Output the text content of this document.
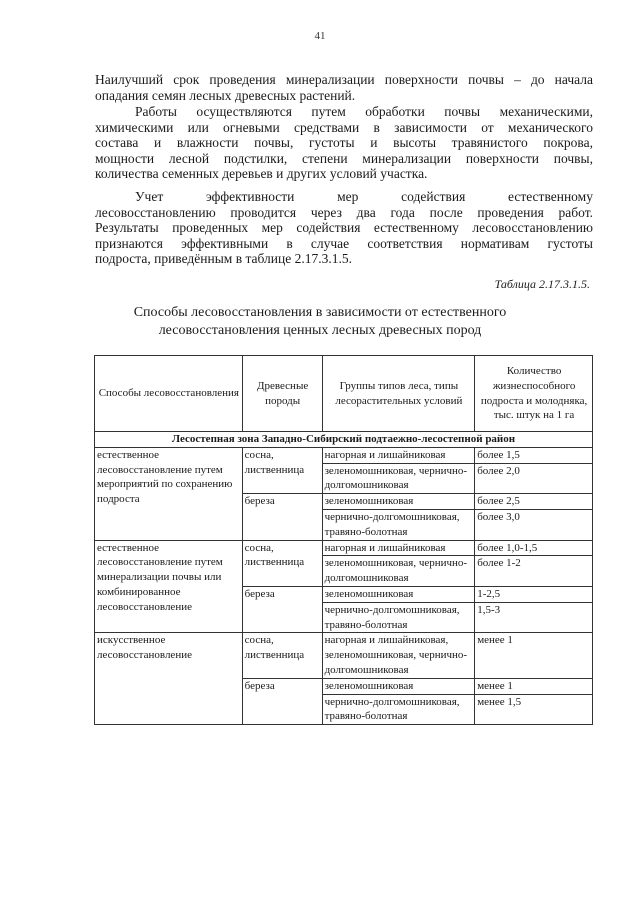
41

Наилучший срок проведения минерализации поверхности почвы – до начала

опадания семян лесных древесных растений.

Работы осуществляются путем обработки почвы механическими,

химическими или огневыми средствами в зависимости от механического

состава и влажности почвы, густоты и высоты травянистого покрова,

мощности лесной подстилки, степени минерализации поверхности почвы,

количества семенных деревьев и других условий участка.

Учет	эффективности	мер	содействия	естественному

лесовосстановлению проводится через два года после проведения работ.

Результаты проведенных мер содействия естественному лесовосстановлению

признаются эффективными в случае соответствия нормативам густоты

подроста, приведённым в таблице 2.17.3.1.5.

Таблица 2.17.3.1.5.
Способы лесовосстановления в зависимости от естественного
лесовосстановления ценных лесных древесных пород
Способы лесовосстановления	Древесные породы	Группы типов леса, типы лесорастительных условий	Количество жизнеспособного подроста и молодняка, тыс. штук на 1 га
Лесостепная зона Западно-Сибирский подтаежно-лесостепной район			
естественное лесовосстановление путем мероприятий по сохранению подроста	сосна, лиственница	нагорная и лишайниковая	более 1,5
		зеленомошниковая, чернично-долгомошниковая	более 2,0
	береза	зеленомошниковая	более 2,5
		чернично-долгомошниковая, травяно-болотная	более 3,0
естественное лесовосстановление путем минерализации почвы или комбинированное лесовосстановление	сосна, лиственница	нагорная и лишайниковая	более 1,0-1,5
		зеленомошниковая, чернично-долгомошниковая	более 1-2
	береза	зеленомошниковая	1-2,5
		чернично-долгомошниковая, травяно-болотная	1,5-3
искусственное лесовосстановление	сосна, лиственница	нагорная и лишайниковая, зеленомошниковая, чернично-долгомошниковая	менее 1
	береза	зеленомошниковая	менее 1
		чернично-долгомошниковая, травяно-болотная	менее 1,5
